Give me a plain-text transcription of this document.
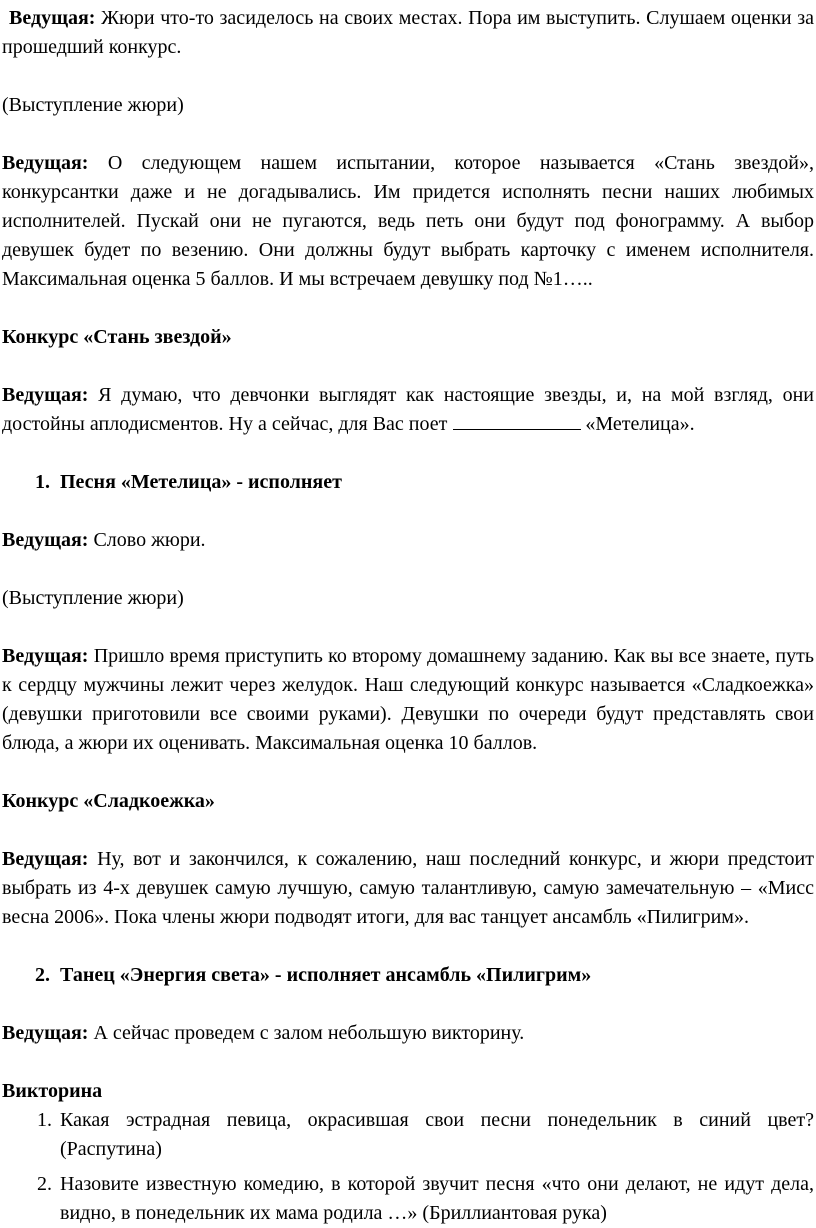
Ведущая: Жюри что-то засиделось на своих местах. Пора им выступить. Слушаем оценки за прошедший конкурс.

(Выступление жюри)

Ведущая: О следующем нашем испытании, которое называется «Стань звездой», конкурсантки даже и не догадывались. Им придется исполнять песни наших любимых исполнителей. Пускай они не пугаются, ведь петь они будут под фонограмму. А выбор девушек будет по везению. Они должны будут выбрать карточку с именем исполнителя. Максимальная оценка 5 баллов. И мы встречаем девушку под №1…..

Конкурс «Стань звездой»

Ведущая: Я думаю, что девчонки выглядят как настоящие звезды, и, на мой взгляд, они достойны аплодисментов. Ну а сейчас, для Вас поет	«Метелица».

1. Песня «Метелица» - исполняет

Ведущая: Слово жюри.

(Выступление жюри)

Ведущая: Пришло время приступить ко второму домашнему заданию. Как вы все знаете, путь к сердцу мужчины лежит через желудок. Наш следующий конкурс называется «Сладкоежка» (девушки приготовили все своими руками). Девушки по очереди будут представлять свои блюда, а жюри их оценивать. Максимальная оценка 10 баллов.

Конкурс «Сладкоежка»

Ведущая: Ну, вот и закончился, к сожалению, наш последний конкурс, и жюри предстоит выбрать из 4-х девушек самую лучшую, самую талантливую, самую замечательную – «Мисс весна 2006». Пока члены жюри подводят итоги, для вас танцует ансамбль «Пилигрим».

2. Танец «Энергия света» - исполняет ансамбль «Пилигрим»

Ведущая: А сейчас проведем с залом небольшую викторину.

Викторина
1. Какая эстрадная певица, окрасившая свои песни понедельник в синий цвет? (Распутина)
2. Назовите известную комедию, в которой звучит песня «что они делают, не идут дела, видно, в понедельник их мама родила …» (Бриллиантовая рука)
